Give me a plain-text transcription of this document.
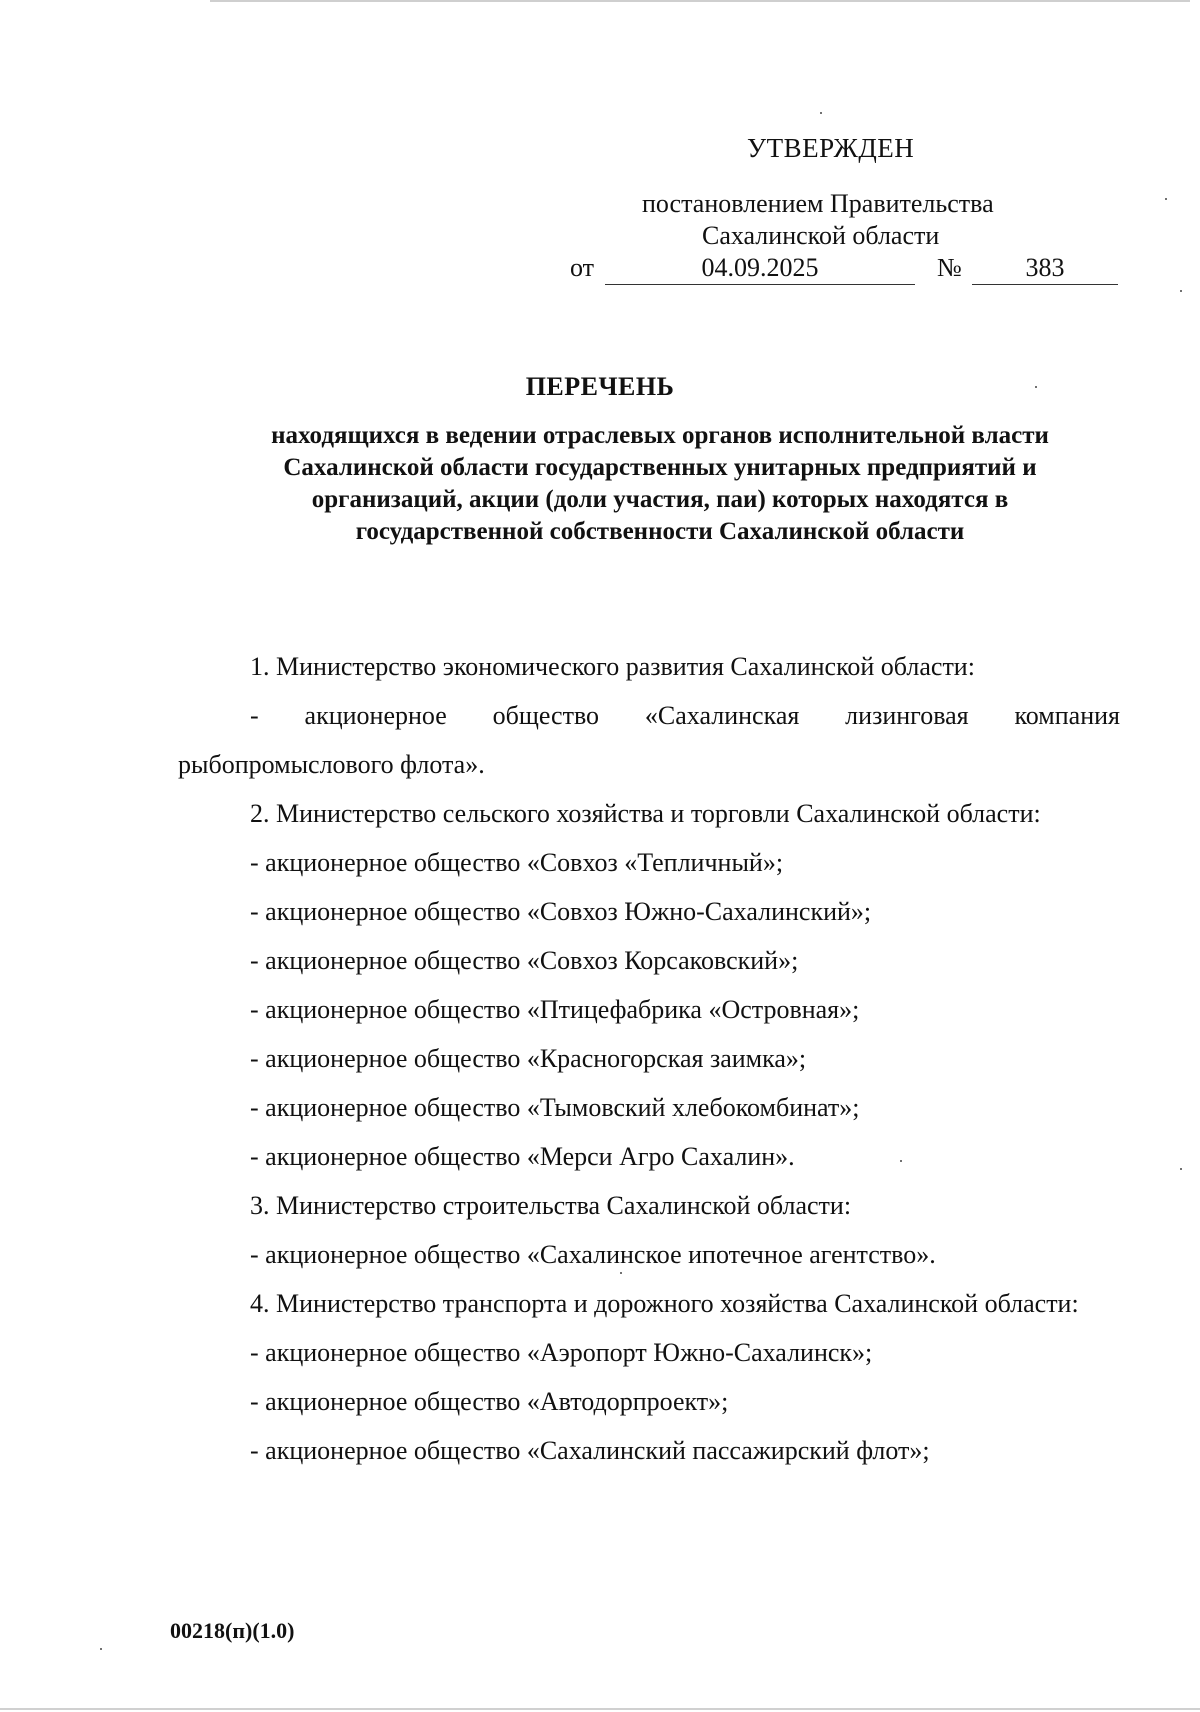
УТВЕРЖДЕН
постановлением Правительства
Сахалинской области
от	04.09.2025	№	383
ПЕРЕЧЕНЬ
находящихся в ведении отраслевых органов исполнительной власти
Сахалинской области государственных унитарных предприятий и
организаций, акции (доли участия, паи) которых находятся в
государственной собственности Сахалинской области

1. Министерство экономического развития Сахалинской области:

- акционерное общество «Сахалинская лизинговая компания рыбопромыслового флота».

2. Министерство сельского хозяйства и торговли Сахалинской области:

- акционерное общество «Совхоз «Тепличный»;

- акционерное общество «Совхоз Южно-Сахалинский»;

- акционерное общество «Совхоз Корсаковский»;

- акционерное общество «Птицефабрика «Островная»;

- акционерное общество «Красногорская заимка»;

- акционерное общество «Тымовский хлебокомбинат»;

- акционерное общество «Мерси Агро Сахалин».

3. Министерство строительства Сахалинской области:

- акционерное общество «Сахалинское ипотечное агентство».

4. Министерство транспорта и дорожного хозяйства Сахалинской области:

- акционерное общество «Аэропорт Южно-Сахалинск»;

- акционерное общество «Автодорпроект»;

- акционерное общество «Сахалинский пассажирский флот»;

00218(п)(1.0)
